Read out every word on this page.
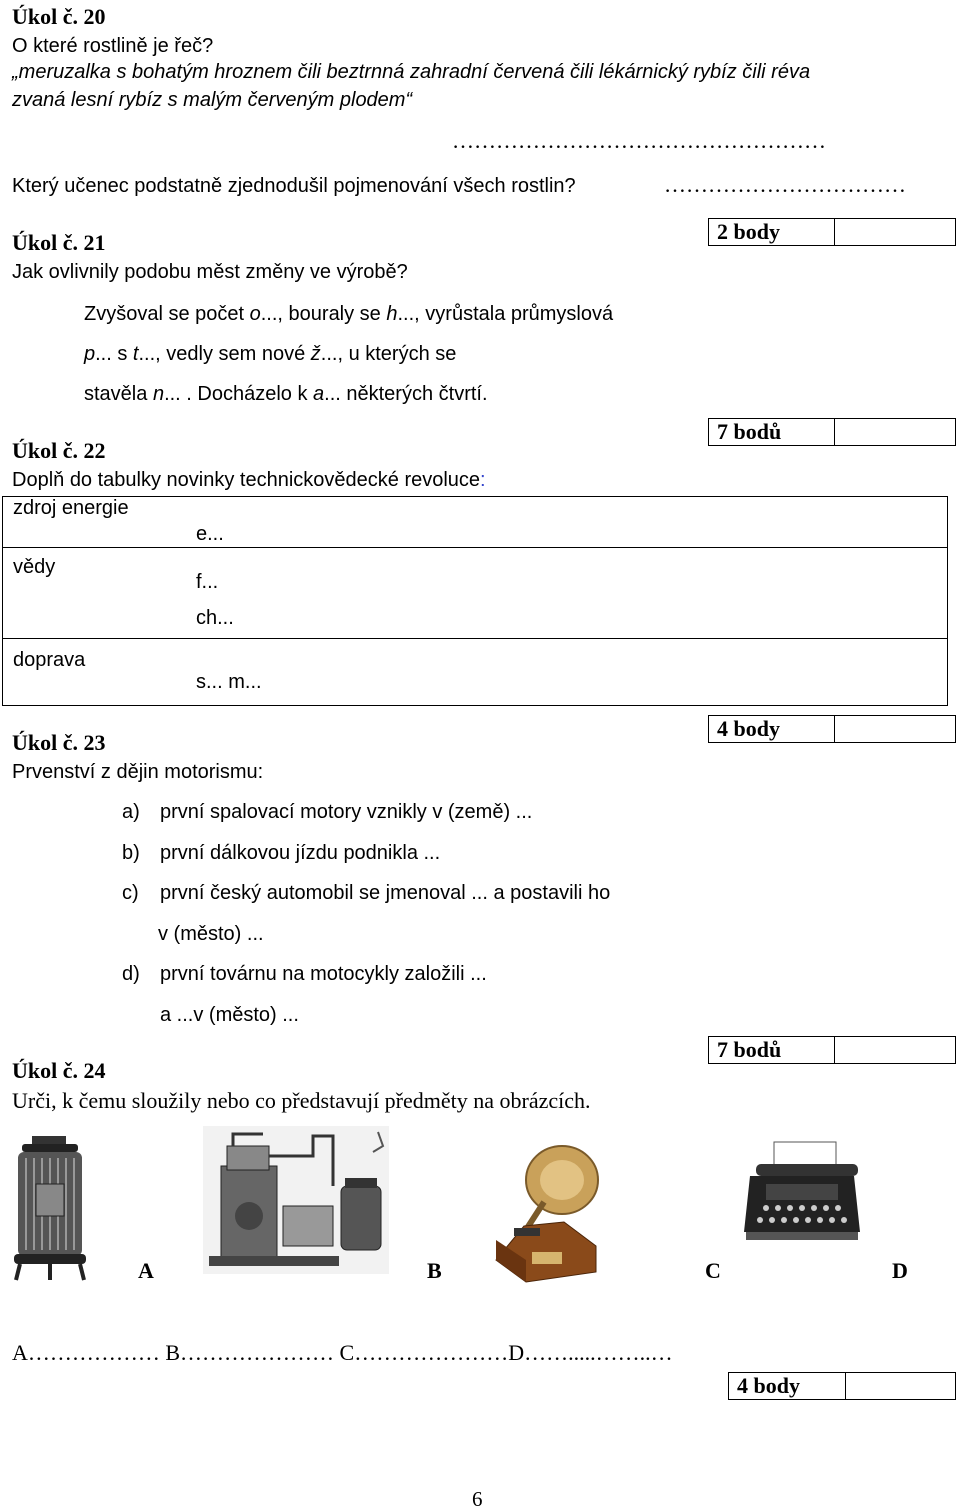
Úkol č. 20
O které rostlině je řeč?
„meruzalka s bohatým hroznem čili beztrnná zahradní červená čili lékárnický rybíz čili réva
zvaná lesní rybíz s malým červeným plodem“
……………………………………………
Který učenec podstatně zjednodušil pojmenování všech rostlin?	……………………………
2 body
Úkol č. 21
Jak ovlivnily podobu měst změny ve výrobě?
Zvyšoval se počet o..., bouraly se h..., vyrůstala průmyslová
p... s t..., vedly sem nové ž..., u kterých se
stavěla n... . Docházelo k a... některých čtvrtí.
7 bodů
Úkol č. 22
Doplň do tabulky novinky technickovědecké revoluce:
zdroj energie	e...
vědy	f...
ch...

doprava	s... m...
4 body
Úkol č. 23
Prvenství z dějin motorismu:
a) první spalovací motory vznikly v (země) ...
b) první dálkovou jízdu podnikla ...
c) první český automobil se jmenoval ... a postavili ho
v (město) ...
d) první továrnu na motocykly založili ...
a ...v (město) ...
7 bodů
Úkol č. 24
Urči, k čemu sloužily nebo co představují předměty na obrázcích.
A	B	C	D
A……………… B………………… C…………………D…….....……..…
4 body
6
